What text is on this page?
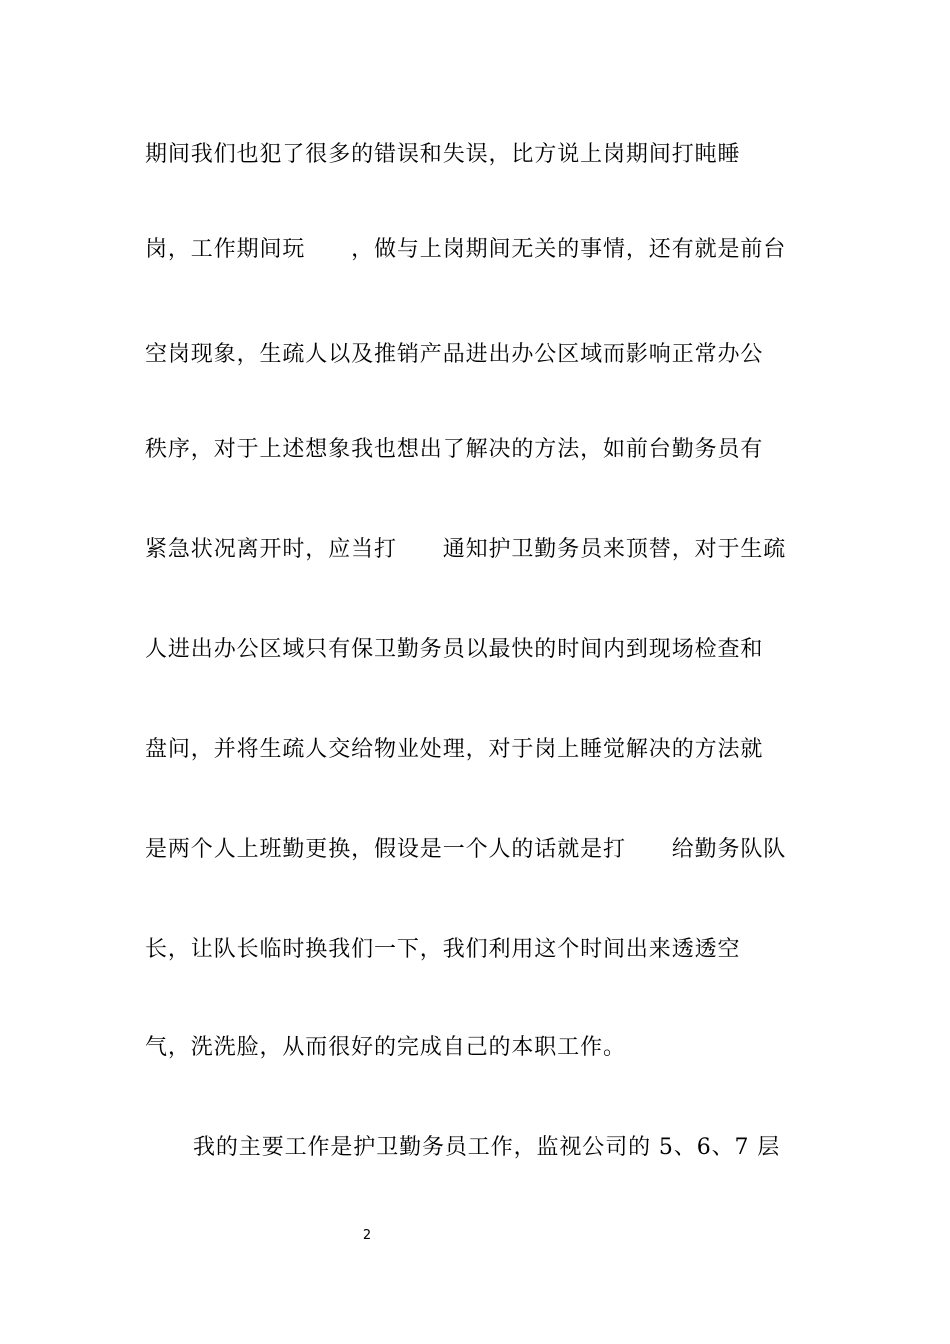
期间我们也犯了很多的错误和失误，比方说上岗期间打盹睡
岗，工作期间玩　　，做与上岗期间无关的事情，还有就是前台
空岗现象，生疏人以及推销产品进出办公区域而影响正常办公
秩序，对于上述想象我也想出了解决的方法，如前台勤务员有
紧急状况离开时，应当打　　通知护卫勤务员来顶替，对于生疏
人进出办公区域只有保卫勤务员以最快的时间内到现场检查和
盘问，并将生疏人交给物业处理，对于岗上睡觉解决的方法就
是两个人上班勤更换，假设是一个人的话就是打　　给勤务队队
长，让队长临时换我们一下，我们利用这个时间出来透透空
气，洗洗脸，从而很好的完成自己的本职工作。
我的主要工作是护卫勤务员工作，监视公司的 5、6、7 层
2
